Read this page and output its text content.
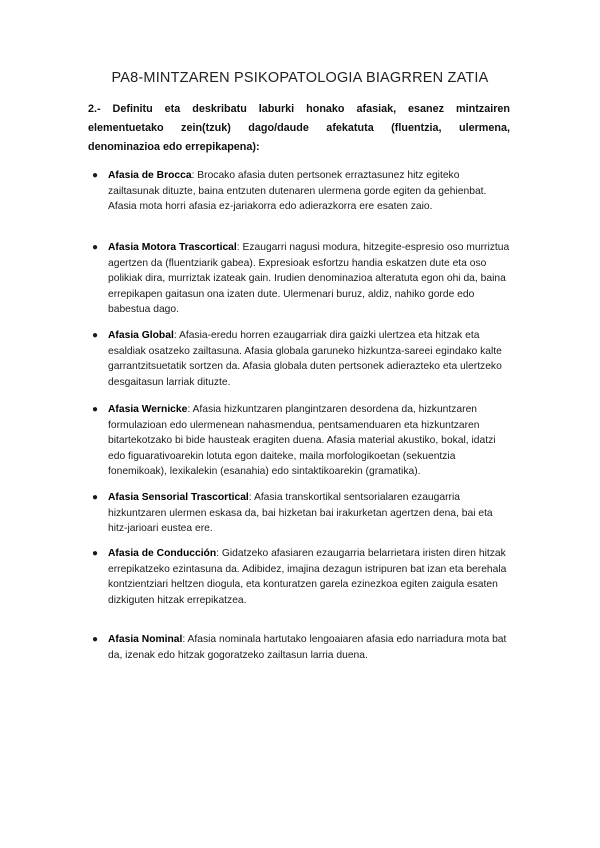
PA8-MINTZAREN PSIKOPATOLOGIA BIAGRREN ZATIA
2.- Definitu eta deskribatu laburki honako afasiak, esanez mintzairen elementuetako zein(tzuk) dago/daude afekatuta (fluentzia, ulermena, denominazioa edo errepikapena):
● Afasia de Brocca: Brocako afasia duten pertsonek erraztasunez hitz egiteko zailtasunak dituzte, baina entzuten dutenaren ulermena gorde egiten da gehienbat. Afasia mota horri afasia ez-jariakorra edo adierazkorra ere esaten zaio.
● Afasia Motora Trascortical: Ezaugarri nagusi modura, hitzegite-espresio oso murriztua agertzen da (fluentziarik gabea). Expresioak esfortzu handia eskatzen dute eta oso polikiak dira, murriztak izateak gain. Irudien denominazioa alteratuta egon ohi da, baina errepikapen gaitasun ona izaten dute. Ulermenari buruz, aldiz, nahiko gorde edo babestua dago.
● Afasia Global: Afasia-eredu horren ezaugarriak dira gaizki ulertzea eta hitzak eta esaldiak osatzeko zailtasuna. Afasia globala garuneko hizkuntza-sareei egindako kalte garrantzitsuetatik sortzen da. Afasia globala duten pertsonek adierazteko eta ulertzeko desgaitasun larriak dituzte.
● Afasia Wernicke: Afasia hizkuntzaren plangintzaren desordena da, hizkuntzaren formulazioan edo ulermenean nahasmendua, pentsamenduaren eta hizkuntzaren bitartekotzako bi bide hausteak eragiten duena. Afasia material akustiko, bokal, idatzi edo figuarativoarekin lotuta egon daiteke, maila morfologikoetan (sekuentzia fonemikoak), lexikalekin (esanahia) edo sintaktikoarekin (gramatika).
● Afasia Sensorial Trascortical: Afasia transkortikal sentsorialaren ezaugarria hizkuntzaren ulermen eskasa da, bai hizketan bai irakurketan agertzen dena, bai eta hitz-jarioari eustea ere.
● Afasia de Conducción: Gidatzeko afasiaren ezaugarria belarrietara iristen diren hitzak errepikatzeko ezintasuna da. Adibidez, imajina dezagun istripuren bat izan eta berehala kontzientziari heltzen diogula, eta konturatzen garela ezinezkoa egiten zaigula esaten dizkiguten hitzak errepikatzea.
● Afasia Nominal: Afasia nominala hartutako lengoaiaren afasia edo narriadura mota bat da, izenak edo hitzak gogoratzeko zailtasun larria duena.
